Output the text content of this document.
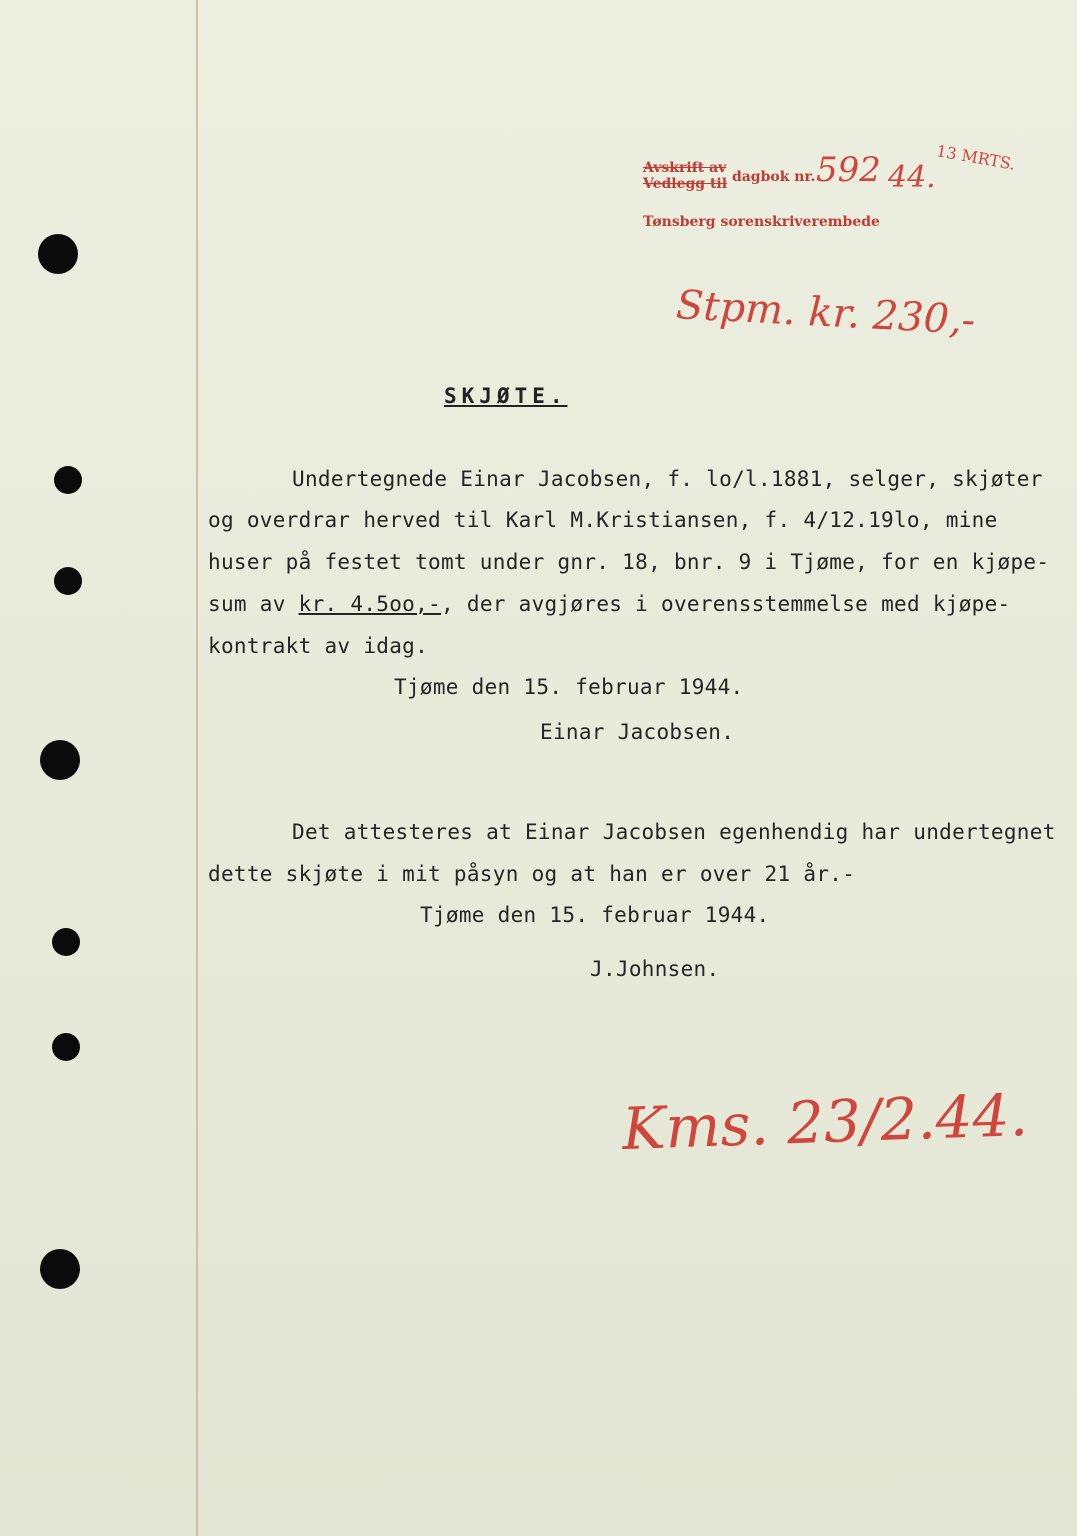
Avskrift av
Vedlegg til dagbok nr.
Tønsberg sorenskriverembede
592 44.
13 MRTS.
Stpm. kr. 230,-
SKJØTE.
Undertegnede Einar Jacobsen, f. lo/l.1881, selger, skjøter
og overdrar herved til Karl M.Kristiansen, f. 4/12.19lo, mine
huser på festet tomt under gnr. 18, bnr. 9 i Tjøme, for en kjøpe-
sum av kr. 4.5oo,-, der avgjøres i overensstemmelse med kjøpe-
kontrakt av idag.
Tjøme den 15. februar 1944.
Einar Jacobsen.
Det attesteres at Einar Jacobsen egenhendig har undertegnet
dette skjøte i mit påsyn og at han er over 21 år.-
Tjøme den 15. februar 1944.
J.Johnsen.
Kms. 23/2.44.
